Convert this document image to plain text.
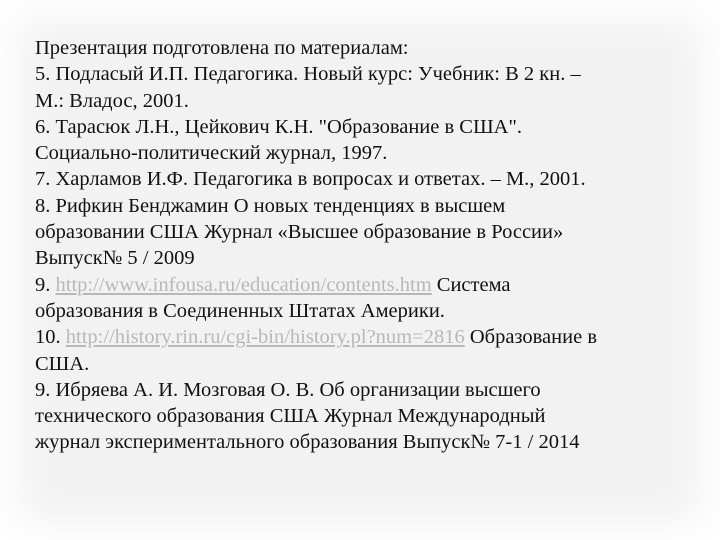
Презентация подготовлена по материалам:
5. Подласый И.П. Педагогика. Новый курс: Учебник: В 2 кн. –
М.: Владос, 2001.
6. Тарасюк Л.Н., Цейкович К.Н. "Образование в США".
Социально-политический журнал, 1997.
7. Харламов И.Ф. Педагогика в вопросах и ответах. – М., 2001.
8. Рифкин Бенджамин О новых тенденциях в высшем
образовании США Журнал «Высшее образование в России»
Выпуск№ 5 / 2009
9. http://www.infousa.ru/education/contents.htm Система
образования в Соединенных Штатах Америки.
10. http://history.rin.ru/cgi-bin/history.pl?num=2816 Образование в
США.
9. Ибряева А. И. Мозговая О. В. Об организации высшего
технического образования США Журнал Международный
журнал экспериментального образования Выпуск№ 7-1 / 2014
